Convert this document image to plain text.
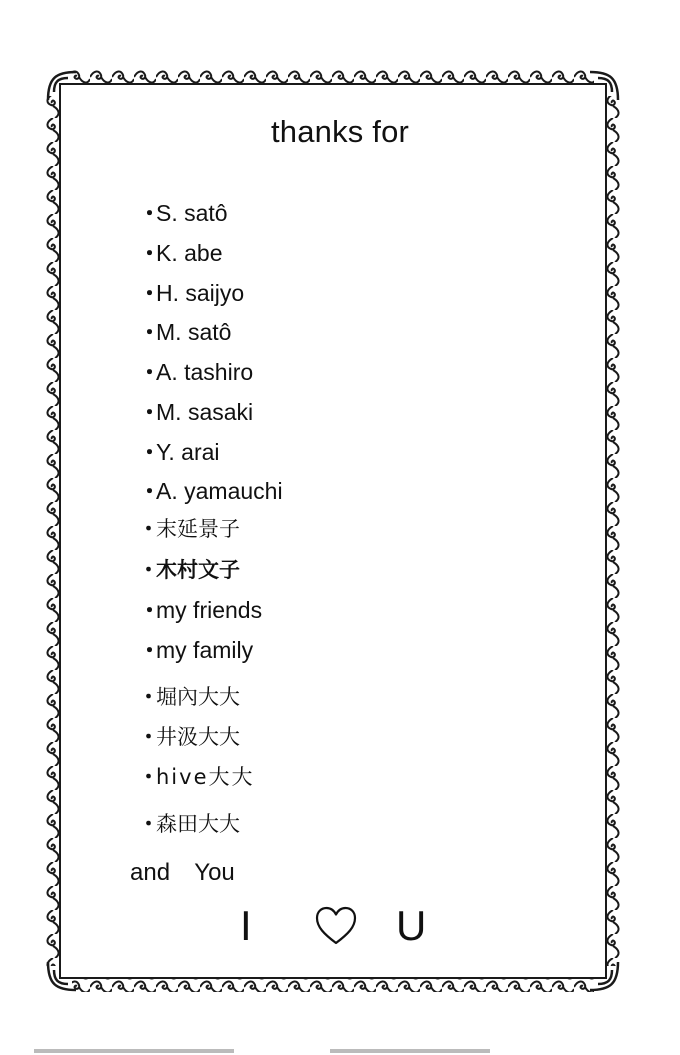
thanks for
・S. satô
・K. abe
・H. saijyo
・M. satô
・A. tashiro
・M. sasaki
・Y. arai
・A. yamauchi
・末延景子
・木村文子
・my friends
・my family
・堀內大大
・井汲大大
・hive大大
・森田大大
and You
I	U
